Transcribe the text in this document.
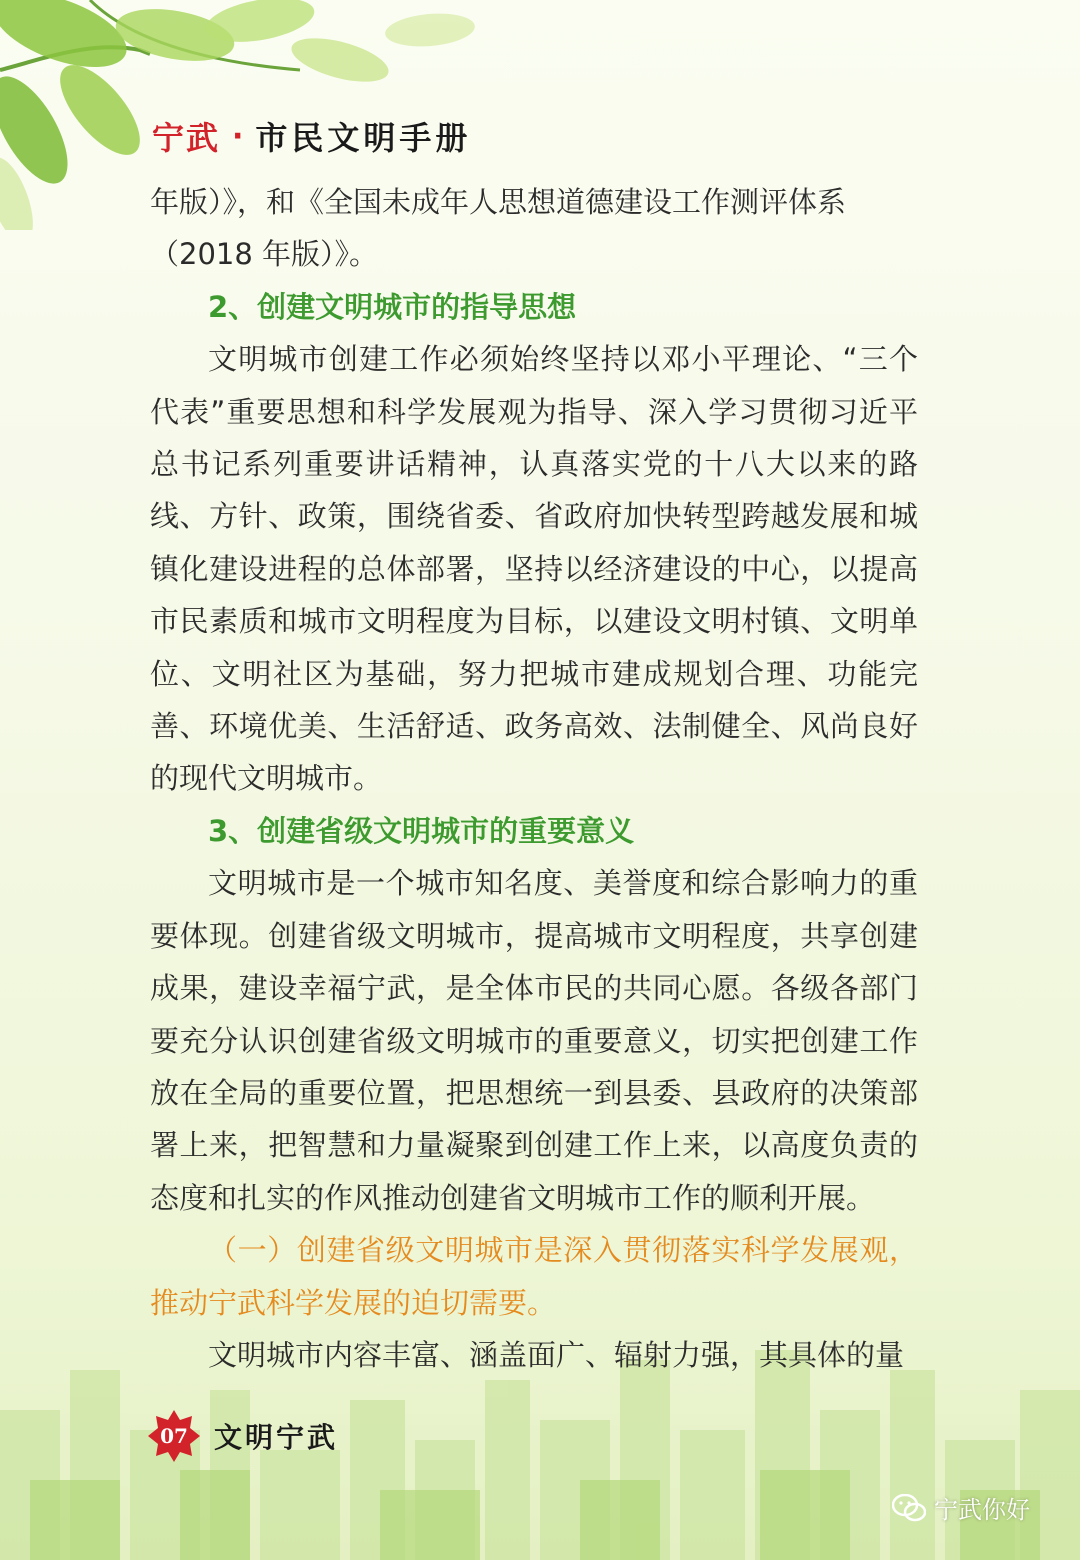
宁武 · 市民文明手册

年版）》，和《全国未成年人思想道德建设工作测评体系

（2018 年版）》。

2、创建文明城市的指导思想

文明城市创建工作必须始终坚持以邓小平理论、“三个代表”重要思想和科学发展观为指导、深入学习贯彻习近平总书记系列重要讲话精神，认真落实党的十八大以来的路线、方针、政策，围绕省委、省政府加快转型跨越发展和城镇化建设进程的总体部署，坚持以经济建设的中心，以提高市民素质和城市文明程度为目标，以建设文明村镇、文明单位、文明社区为基础，努力把城市建成规划合理、功能完善、环境优美、生活舒适、政务高效、法制健全、风尚良好的现代文明城市。

3、创建省级文明城市的重要意义

文明城市是一个城市知名度、美誉度和综合影响力的重要体现。创建省级文明城市，提高城市文明程度，共享创建成果，建设幸福宁武，是全体市民的共同心愿。各级各部门要充分认识创建省级文明城市的重要意义，切实把创建工作放在全局的重要位置，把思想统一到县委、县政府的决策部署上来，把智慧和力量凝聚到创建工作上来，以高度负责的态度和扎实的作风推动创建省文明城市工作的顺利开展。

（一）创建省级文明城市是深入贯彻落实科学发展观，推动宁武科学发展的迫切需要。

文明城市内容丰富、涵盖面广、辐射力强，其具体的量

07 文明宁武
宁武你好
